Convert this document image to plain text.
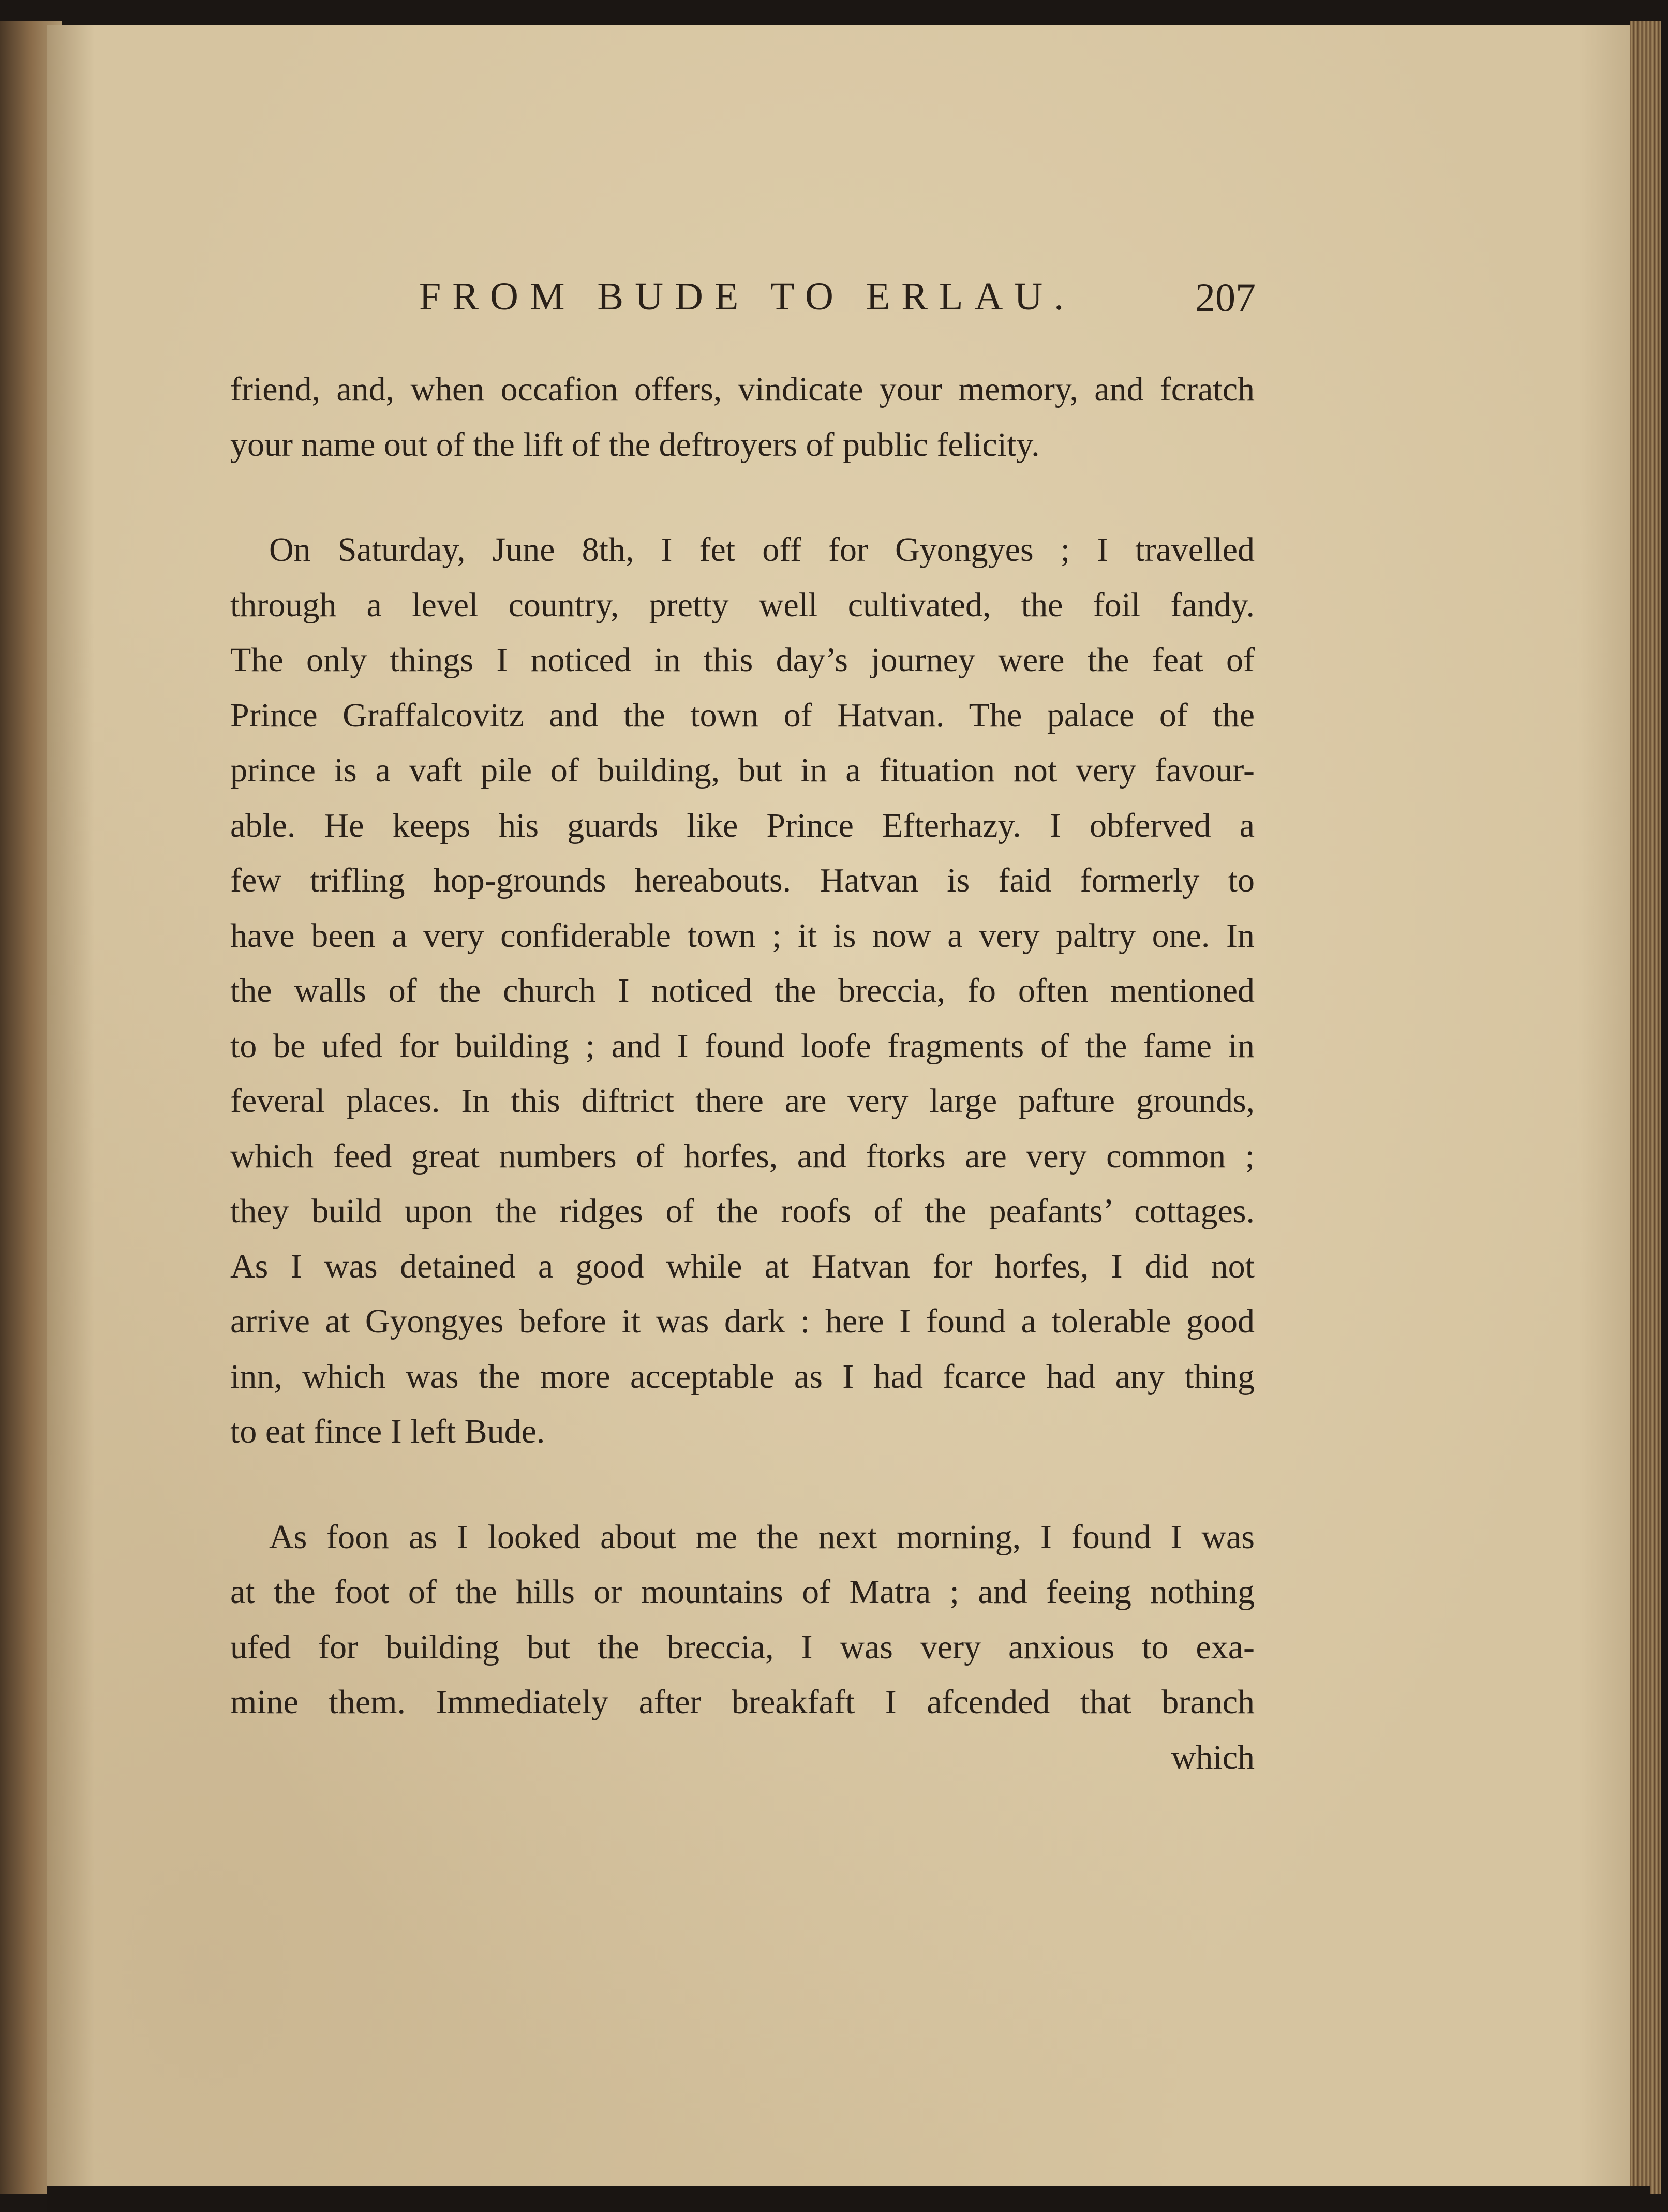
FROM BUDE TO ERLAU.	207
friend, and, when occafion offers, vindicate your memory, and fcratch
your name out of the lift of the deftroyers of public felicity.
On Saturday, June 8th, I fet off for Gyongyes ; I travelled
through a level country, pretty well cultivated, the foil fandy.
The only things I noticed in this day’s journey were the feat of
Prince Graffalcovitz and the town of Hatvan. The palace of the
prince is a vaft pile of building, but in a fituation not very favour-
able. He keeps his guards like Prince Efterhazy. I obferved a
few trifling hop-grounds hereabouts. Hatvan is faid formerly to
have been a very confiderable town ; it is now a very paltry one. In
the walls of the church I noticed the breccia, fo often mentioned
to be ufed for building ; and I found loofe fragments of the fame in
feveral places. In this diftrict there are very large pafture grounds,
which feed great numbers of horfes, and ftorks are very common ;
they build upon the ridges of the roofs of the peafants’ cottages.
As I was detained a good while at Hatvan for horfes, I did not
arrive at Gyongyes before it was dark : here I found a tolerable good
inn, which was the more acceptable as I had fcarce had any thing
to eat fince I left Bude.
As foon as I looked about me the next morning, I found I was
at the foot of the hills or mountains of Matra ; and feeing nothing
ufed for building but the breccia, I was very anxious to exa-
mine them. Immediately after breakfaft I afcended that branch
which
